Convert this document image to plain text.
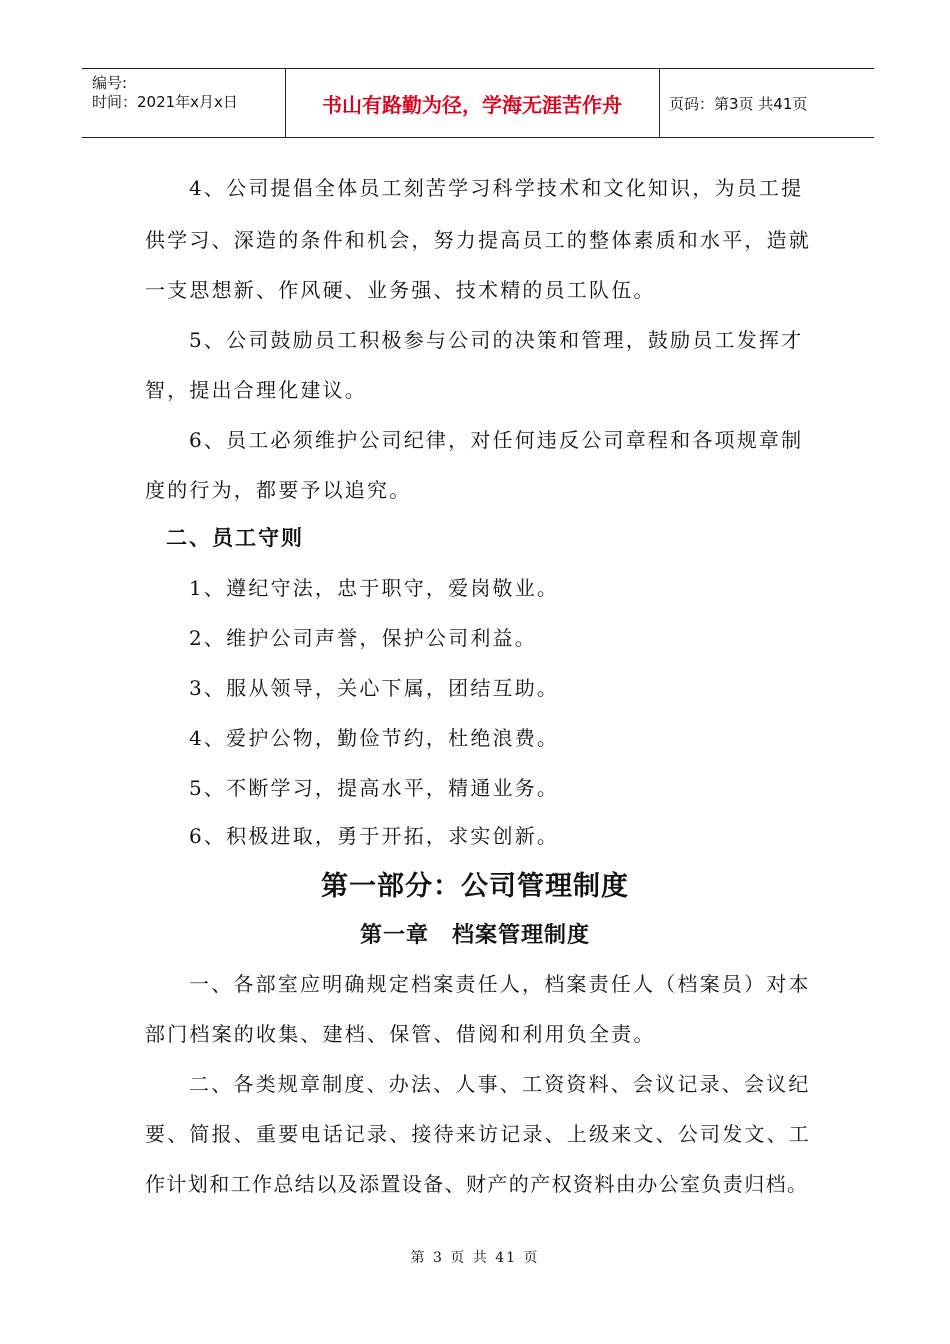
编号:
时间：2021年x月x日	书山有路勤为径，学海无涯苦作舟	页码：第3页 共41页
4、公司提倡全体员工刻苦学习科学技术和文化知识，为员工提
供学习、深造的条件和机会，努力提高员工的整体素质和水平，造就
一支思想新、作风硬、业务强、技术精的员工队伍。
5、公司鼓励员工积极参与公司的决策和管理，鼓励员工发挥才
智，提出合理化建议。
6、员工必须维护公司纪律，对任何违反公司章程和各项规章制
度的行为，都要予以追究。
二、员工守则
1、遵纪守法，忠于职守，爱岗敬业。
2、维护公司声誉，保护公司利益。
3、服从领导，关心下属，团结互助。
4、爱护公物，勤俭节约，杜绝浪费。
5、不断学习，提高水平，精通业务。
6、积极进取，勇于开拓，求实创新。
第一部分：公司管理制度
第一章　档案管理制度
一、各部室应明确规定档案责任人，档案责任人（档案员）对本
部门档案的收集、建档、保管、借阅和利用负全责。
二、各类规章制度、办法、人事、工资资料、会议记录、会议纪
要、简报、重要电话记录、接待来访记录、上级来文、公司发文、工
作计划和工作总结以及添置设备、财产的产权资料由办公室负责归档。
第 3 页 共 41 页
